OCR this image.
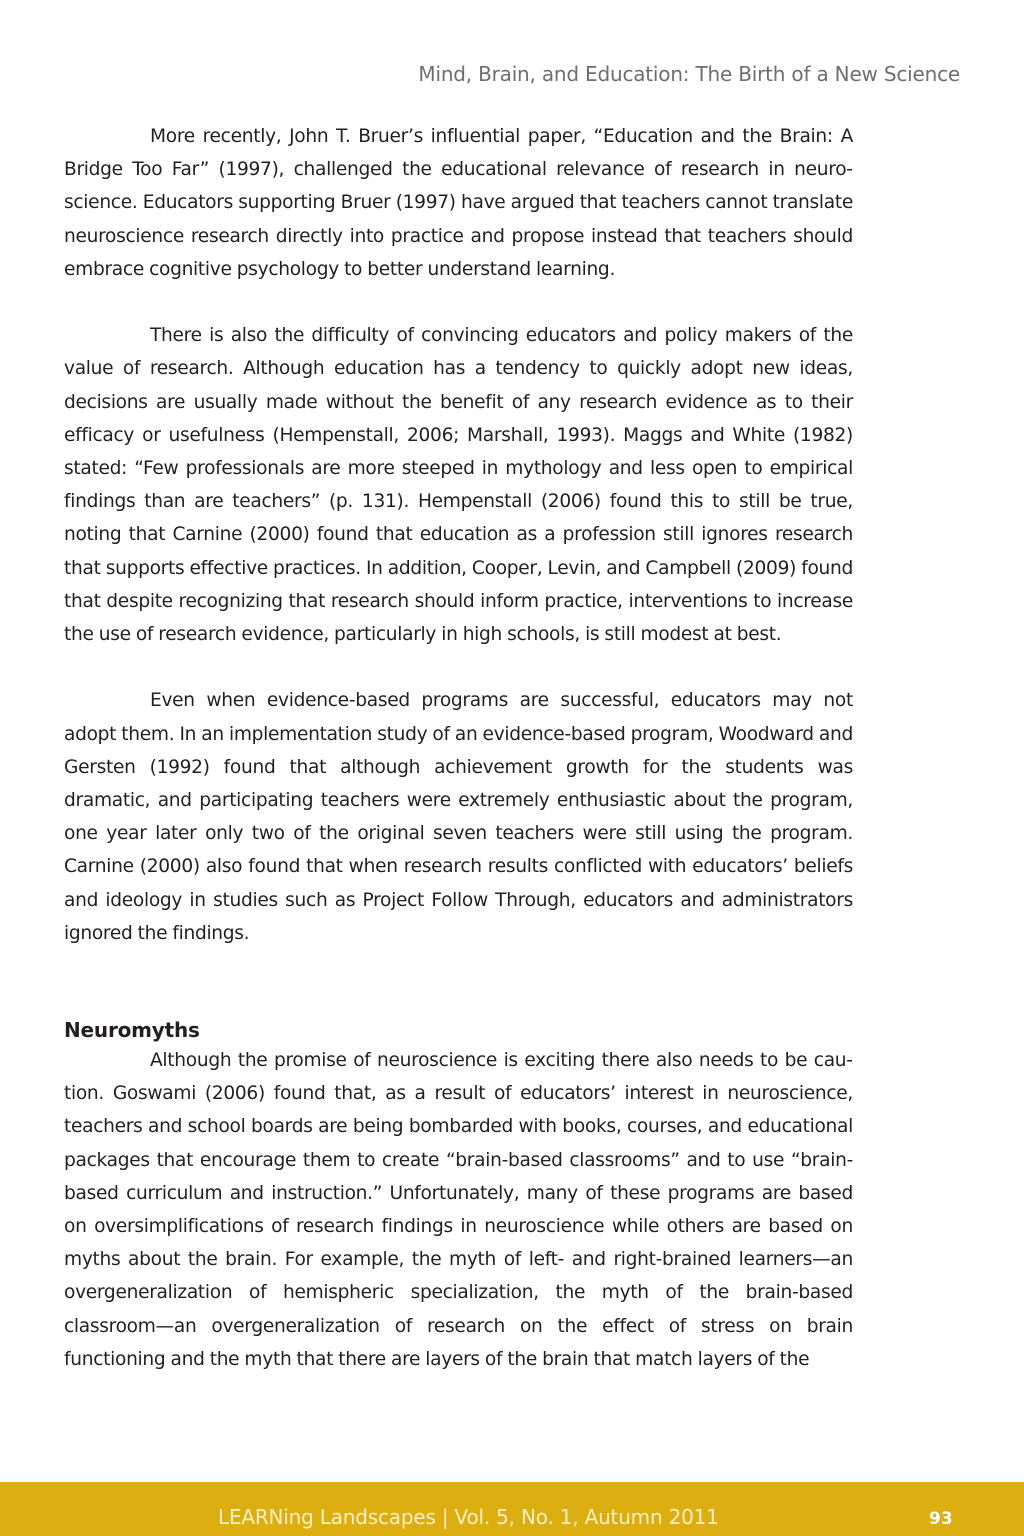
Mind, Brain, and Education: The Birth of a New Science

More recently, John T. Bruer’s influential paper, “Education and the Brain: A Bridge Too Far” (1997), challenged the educational relevance of research in neuroscience. Educators supporting Bruer (1997) have argued that teachers cannot translate neuroscience research directly into practice and propose instead that teachers should embrace cognitive psychology to better understand learning.

There is also the difficulty of convincing educators and policy makers of the value of research. Although education has a tendency to quickly adopt new ideas, decisions are usually made without the benefit of any research evidence as to their efficacy or usefulness (Hempenstall, 2006; Marshall, 1993). Maggs and White (1982) stated: “Few professionals are more steeped in mythology and less open to empirical findings than are teachers” (p. 131). Hempenstall (2006) found this to still be true, noting that Carnine (2000) found that education as a profession still ignores research that supports effective practices. In addition, Cooper, Levin, and Campbell (2009) found that despite recognizing that research should inform practice, interventions to increase the use of research evidence, particularly in high schools, is still modest at best.

Even when evidence-based programs are successful, educators may not adopt them. In an implementation study of an evidence-based program, Woodward and Gersten (1992) found that although achievement growth for the students was dramatic, and participating teachers were extremely enthusiastic about the program, one year later only two of the original seven teachers were still using the program. Carnine (2000) also found that when research results conflicted with educators’ beliefs and ideology in studies such as Project Follow Through, educators and administrators ignored the findings.

Neuromyths

Although the promise of neuroscience is exciting there also needs to be caution. Goswami (2006) found that, as a result of educators’ interest in neuroscience, teachers and school boards are being bombarded with books, courses, and educational packages that encourage them to create “brain-based classrooms” and to use “brain-based curriculum and instruction.” Unfortunately, many of these programs are based on oversimplifications of research findings in neuroscience while others are based on myths about the brain. For example, the myth of left- and right-brained learners—an overgeneralization of hemispheric specialization, the myth of the brain-based classroom—an overgeneralization of research on the effect of stress on brain functioning and the myth that there are layers of the brain that match layers of the

LEARNing Landscapes | Vol. 5, No. 1, Autumn 2011	93
